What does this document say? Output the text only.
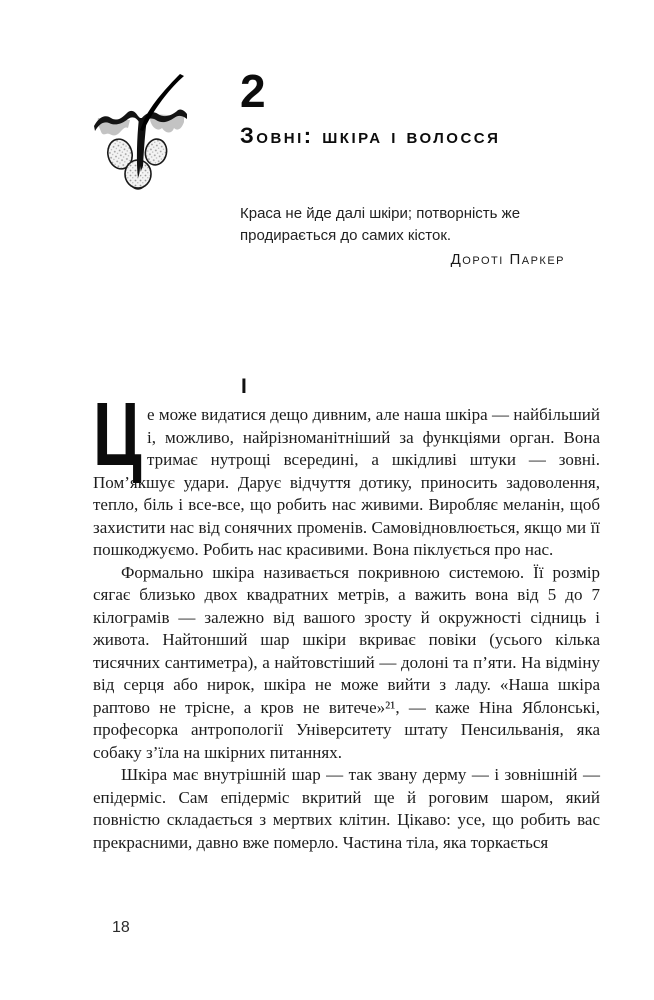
2
Зовні: шкіра і волосся
Краса не йде далі шкіри; потворність же продирається до самих кісток.
Дороті Паркер
І

Це може видатися дещо дивним, але наша шкіра — найбільший і, можливо, найрізноманітніший за функціями орган. Вона тримає нутрощі всередині, а шкідливі штуки — зовні. Пом’якшує удари. Дарує відчуття дотику, приносить задоволення, тепло, біль і все-все, що робить нас живими. Виробляє меланін, щоб захистити нас від сонячних променів. Самовідновлюється, якщо ми її пошкоджуємо. Робить нас красивими. Вона піклується про нас.

Формально шкіра називається покривною системою. Її розмір сягає близько двох квадратних метрів, а важить вона від 5 до 7 кілограмів — залежно від вашого зросту й окружності сідниць і живота. Найтонший шар шкіри вкриває повіки (усього кілька тисячних сантиметра), а найтовстіший — долоні та п’яти. На відміну від серця або нирок, шкіра не може вийти з ладу. «Наша шкіра раптово не трісне, а кров не витече»²¹, — каже Ніна Яблонські, професорка антропології Університету штату Пенсильванія, яка собаку з’їла на шкірних питаннях.

Шкіра має внутрішній шар — так звану дерму — і зовнішній — епідерміс. Сам епідерміс вкритий ще й роговим шаром, який повністю складається з мертвих клітин. Цікаво: усе, що робить вас прекрасними, давно вже померло. Частина тіла, яка торкається

18
